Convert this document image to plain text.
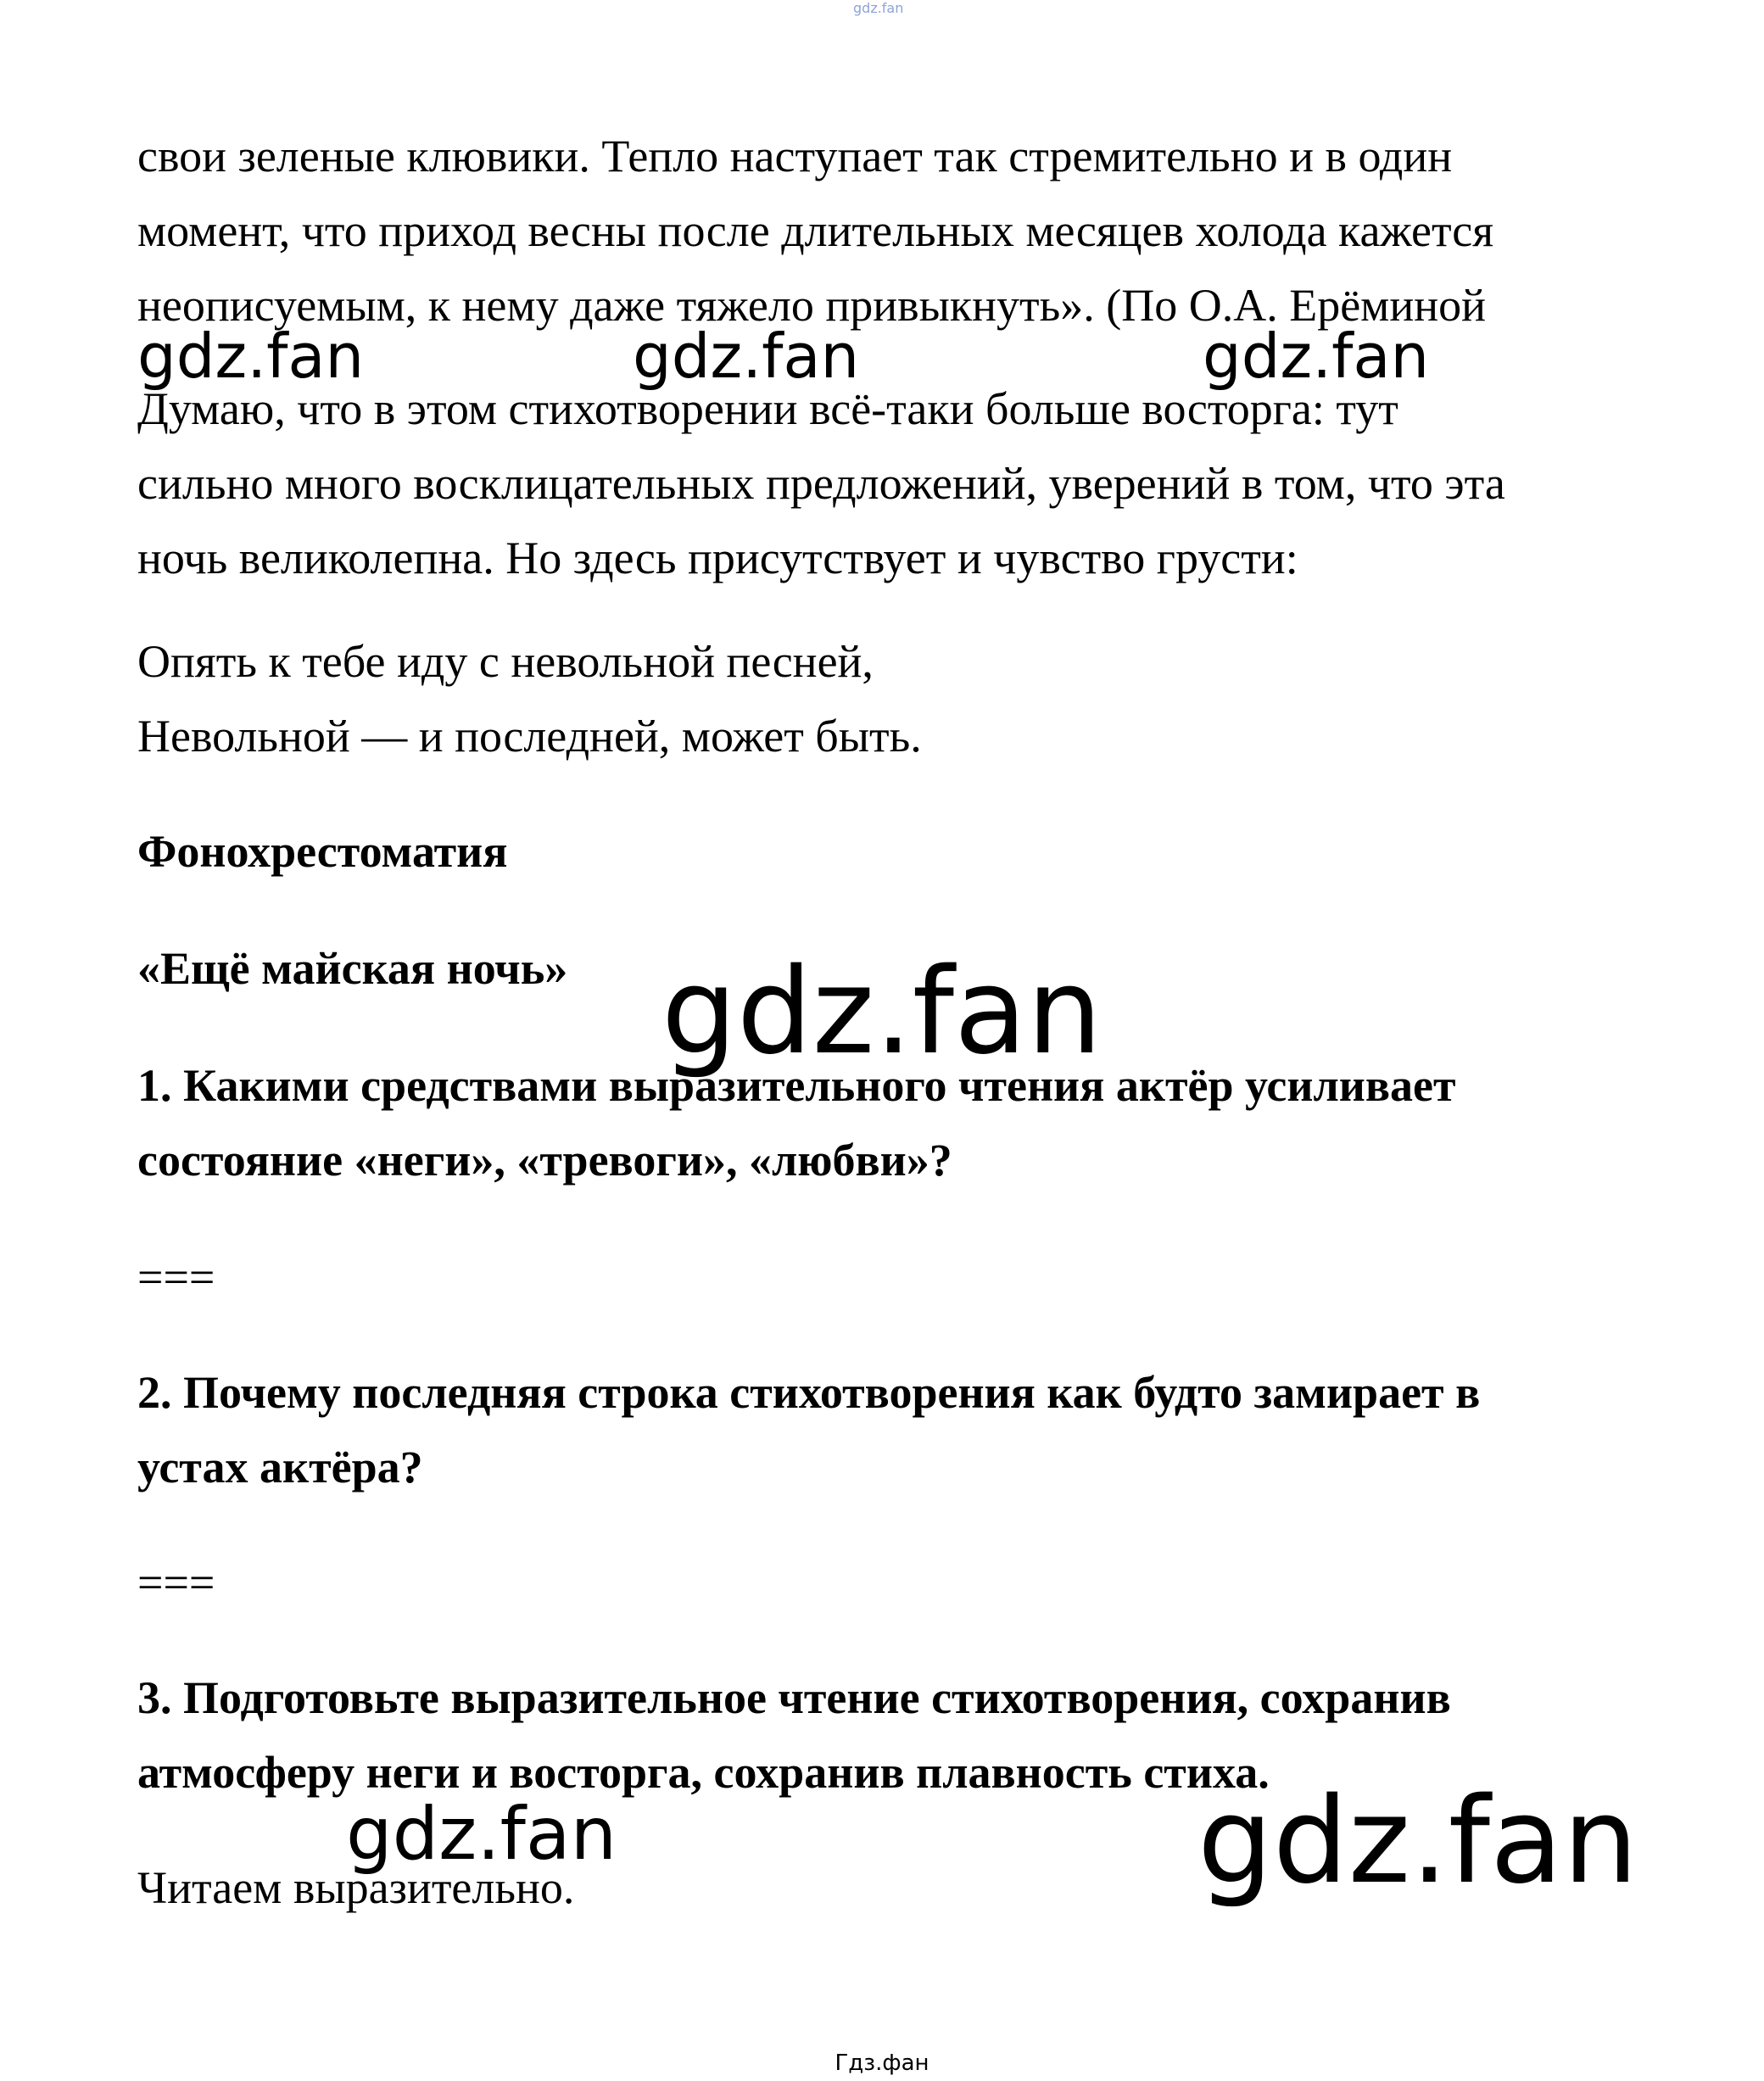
gdz.fan
свои зеленые клювики. Тепло наступает так стремительно и в один
момент, что приход весны после длительных месяцев холода кажется
неописуемым, к нему даже тяжело привыкнуть». (По О.А. Ерёминой
gdz.fan	gdz.fan	gdz.fan
Думаю, что в этом стихотворении всё-таки больше восторга: тут
сильно много восклицательных предложений, уверений в том, что эта
ночь великолепна. Но здесь присутствует и чувство грусти:
Опять к тебе иду с невольной песней,
Невольной — и последней, может быть.
Фонохрестоматия
«Ещё майская ночь» gdz.fan
1. Какими средствами выразительного чтения актёр усиливает
состояние «неги», «тревоги», «любви»?
===
2. Почему последняя строка стихотворения как будто замирает в
устах актёра?
===
3. Подготовьте выразительное чтение стихотворения, сохранив
атмосферу неги и восторга, сохранив плавность стиха.
gdz.fan	gdz.fan
Читаем выразительно.
Гдз.фан
